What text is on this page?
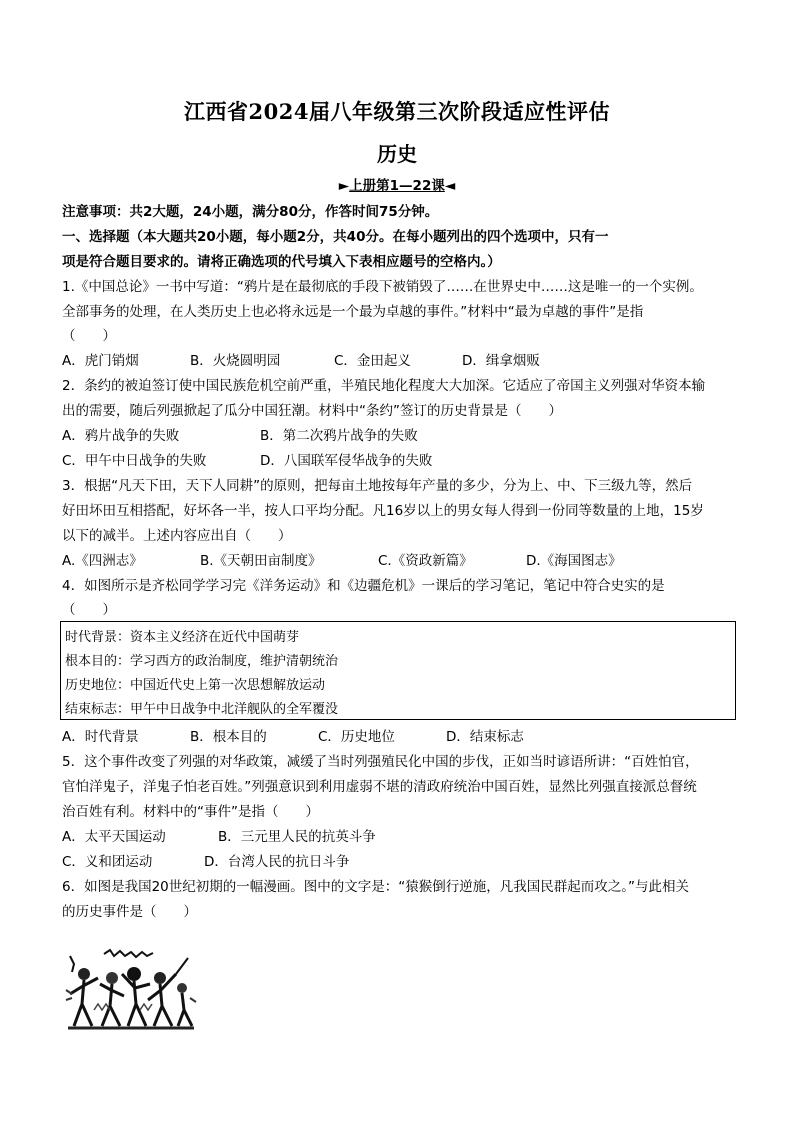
江西省2024届八年级第三次阶段适应性评估
历史
►上册第1—22课◄
注意事项：共2大题，24小题，满分80分，作答时间75分钟。
一、选择题（本大题共20小题，每小题2分，共40分。在每小题列出的四个选项中，只有一
项是符合题目要求的。请将正确选项的代号填入下表相应题号的空格内。）
1.《中国总论》一书中写道：“鸦片是在最彻底的手段下被销毁了……在世界史中……这是唯一的一个实例。
全部事务的处理，在人类历史上也必将永远是一个最为卓越的事件。”材料中“最为卓越的事件”是指
（　　）
A．虎门销烟	B．火烧圆明园	C．金田起义	D．缉拿烟贩
2．条约的被迫签订使中国民族危机空前严重，半殖民地化程度大大加深。它适应了帝国主义列强对华资本输
出的需要，随后列强掀起了瓜分中国狂潮。材料中“条约”签订的历史背景是（　　）
A．鸦片战争的失败	B．第二次鸦片战争的失败
C．甲午中日战争的失败	D．八国联军侵华战争的失败
3．根据“凡天下田，天下人同耕”的原则，把每亩土地按每年产量的多少，分为上、中、下三级九等，然后
好田坏田互相搭配，好坏各一半，按人口平均分配。凡16岁以上的男女每人得到一份同等数量的上地，15岁
以下的减半。上述内容应出自（　　）
A.《四洲志》	B.《天朝田亩制度》	C.《资政新篇》	D.《海国图志》
4．如图所示是齐松同学学习完《洋务运动》和《边疆危机》一课后的学习笔记，笔记中符合史实的是
（　　）
时代背景：资本主义经济在近代中国萌芽
根本目的：学习西方的政治制度，维护清朝统治
历史地位：中国近代史上第一次思想解放运动
结束标志：甲午中日战争中北洋舰队的全军覆没
A．时代背景	B．根本目的	C．历史地位	D．结束标志
5．这个事件改变了列强的对华政策，减缓了当时列强殖民化中国的步伐，正如当时谚语所讲：“百姓怕官，
官怕洋鬼子，洋鬼子怕老百姓。”列强意识到利用虚弱不堪的清政府统治中国百姓，显然比列强直接派总督统
治百姓有利。材料中的“事件”是指（　　）
A．太平天国运动	B．三元里人民的抗英斗争
C．义和团运动	D．台湾人民的抗日斗争
6．如图是我国20世纪初期的一幅漫画。图中的文字是：“猿猴倒行逆施，凡我国民群起而攻之。”与此相关
的历史事件是（　　）
